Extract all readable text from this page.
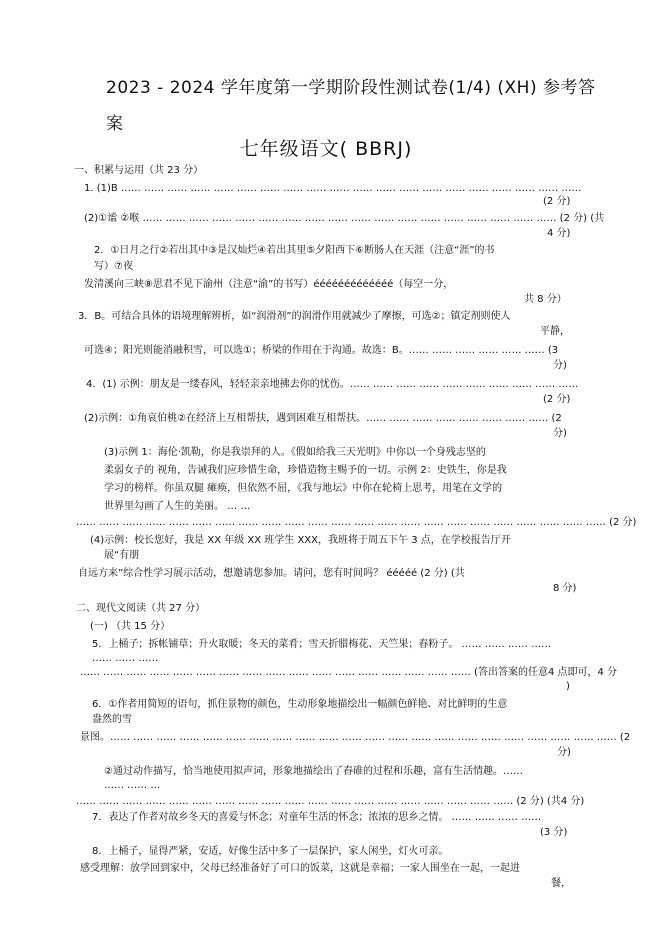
2023 - 2024 学年度第一学期阶段性测试卷(1/4) (XH) 参考答案
七年级语文( BBRJ)
一、积累与运用（共 23 分）
1. (1)B …… …… …… …… …… …… …… …… …… …… …… …… …… …… …… …… …… …… …… ……
(2 分)
(2)①谧 ②喉 …… …… …… …… …… …… …… …… …… …… …… …… …… …… …… …… …… …… (2 分) (共
4 分)
2．①日月之行②若出其中③是汉灿烂④若出其里⑤夕阳西下⑥断肠人在天涯（注意“涯”的书
写）⑦夜
发清溪向三峡⑧思君不见下渝州（注意“渝”的书写）ééééééééééééé（每空一分，
共 8 分）
3．B。可结合具体的语境理解辨析，如“润滑剂”的润滑作用就减少了摩擦，可选②；镇定剂则使人
平静，
可选④；阳光则能消融积雪，可以选①；桥梁的作用在于沟通。故选：B。…… …… …… …… …… …… (3
分)
4．(1) 示例：朋友是一缕春风，轻轻亲亲地拂去你的忧伤。…… …… …… …… …… …… …… …… …… ……
(2 分)
(2)示例：①角哀伯桃②在经济上互相帮扶，遇到困难互相帮扶。…… …… …… …… …… …… …… …… (2
分)
(3)示例 1：海伦·凯勒，你是我崇拜的人。《假如给我三天光明》中你以一个身残志坚的
柔弱女子的 视角，告诫我们应珍惜生命，珍惜造物主赐予的一切。示例 2：史铁生，你是我
学习的榜样。你虽双腿 瘫痪，但依然不屈，《我与地坛》中你在轮椅上思考，用笔在文学的
世界里勾画了人生的美丽。 … …
…… …… …… …… …… …… …… …… …… …… …… …… …… …… …… …… …… …… …… …… …… …… …… (2 分)
(4)示例：校长您好，我是 XX 年级 XX 班学生 XXX，我班将于周五下午 3 点，在学校报告厅开
展“有朋
自远方来”综合性学习展示活动，想邀请您参加。请问，您有时间吗？ ééééé (2 分) (共
8 分)
二、现代文阅读（共 27 分）
(一) （共 15 分）
5．上桶子；拆帐铺草；升火取暖；冬天的菜肴；雪天折腊梅花、天竺果；舂粉子。 …… …… …… ……
…… …… ……
…… …… …… …… …… …… …… …… …… …… …… …… …… …… …… …… …… (答出答案的任意4 点即可，4 分
)
6．①作者用简短的语句，抓住景物的颜色，生动形象地描绘出一幅颜色鲜艳、对比鲜明的生意
盎然的雪
景图。…… …… …… …… …… …… …… …… …… …… …… …… …… …… …… …… …… …… …… …… …… …… (2
分)
②通过动作描写，恰当地使用拟声词，形象地描绘出了舂碓的过程和乐趣，富有生活情趣。……
…… …… …
…… …… …… …… …… …… …… …… …… …… …… …… …… …… …… …… …… …… …… (2 分) (共4 分)
7．表达了作者对故乡冬天的喜爱与怀念；对童年生活的怀念；浓浓的思乡之情。 …… …… …… ……
(3 分)
8．上桶子，显得严紧，安适，好像生活中多了一层保护，家人闲坐，灯火可亲。
感受理解：放学回到家中，父母已经准备好了可口的饭菜，这就是幸福；一家人围坐在一起，一起进
餐，
